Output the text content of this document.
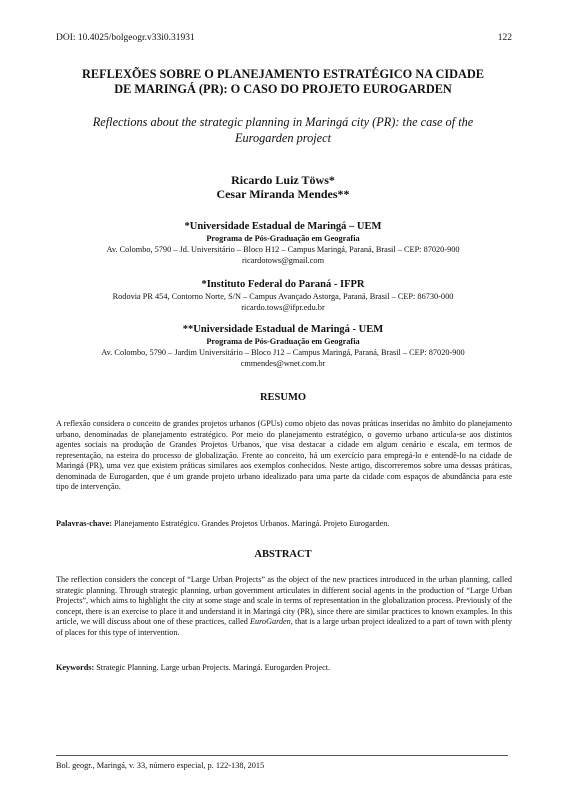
DOI: 10.4025/bolgeogr.v33i0.31931	122
REFLEXÕES SOBRE O PLANEJAMENTO ESTRATÉGICO NA CIDADE
DE MARINGÁ (PR): O CASO DO PROJETO EUROGARDEN
Reflections about the strategic planning in Maringá city (PR): the case of the
Eurogarden project
Ricardo Luiz Töws*
Cesar Miranda Mendes**
*Universidade Estadual de Maringá – UEM
Programa de Pós-Graduação em Geografia
Av. Colombo, 5790 – Jd. Universitário – Bloco H12 – Campus Maringá, Paraná, Brasil – CEP: 87020-900
ricardotows@gmail.com
*Instituto Federal do Paraná - IFPR
Rodovia PR 454, Contorno Norte, S/N – Campus Avançado Astorga, Paraná, Brasil – CEP: 86730-000
ricardo.tows@ifpr.edu.br
**Universidade Estadual de Maringá - UEM
Programa de Pós-Graduação em Geografia
Av. Colombo, 5790 – Jardim Universitário – Bloco J12 – Campus Maringá, Paraná, Brasil – CEP: 87020-900
cmmendes@wnet.com.br
RESUMO
A reflexão considera o conceito de grandes projetos urbanos (GPUs) como objeto das novas práticas inseridas no âmbito do planejamento urbano, denominadas de planejamento estratégico. Por meio do planejamento estratégico, o governo urbano articula-se aos distintos agentes sociais na produção de Grandes Projetos Urbanos, que visa destacar a cidade em algum cenário e escala, em termos de representação, na esteira do processo de globalização. Frente ao conceito, há um exercício para empregá-lo e entendê-lo na cidade de Maringá (PR), uma vez que existem práticas similares aos exemplos conhecidos. Neste artigo, discorreremos sobre uma dessas práticas, denominada de Eurogarden, que é um grande projeto urbano idealizado para uma parte da cidade com espaços de abundância para este tipo de intervenção.
Palavras-chave: Planejamento Estratégico. Grandes Projetos Urbanos. Maringá. Projeto Eurogarden.
ABSTRACT
The reflection considers the concept of “Large Urban Projects” as the object of the new practices introduced in the urban planning, called strategic planning. Through strategic planning, urban government articulates in different social agents in the production of “Large Urban Projects”, which aims to highlight the city at some stage and scale in terms of representation in the globalization process. Previously of the concept, there is an exercise to place it and understand it in Maringá city (PR), since there are similar practices to known examples. In this article, we will discuss about one of these practices, called EuroGarden, that is a large urban project idealized to a part of town with plenty of places for this type of intervention.
Keywords: Strategic Planning. Large urban Projects. Maringá. Eurogarden Project.
Bol. geogr., Maringá, v. 33, número especial, p. 122-138, 2015
